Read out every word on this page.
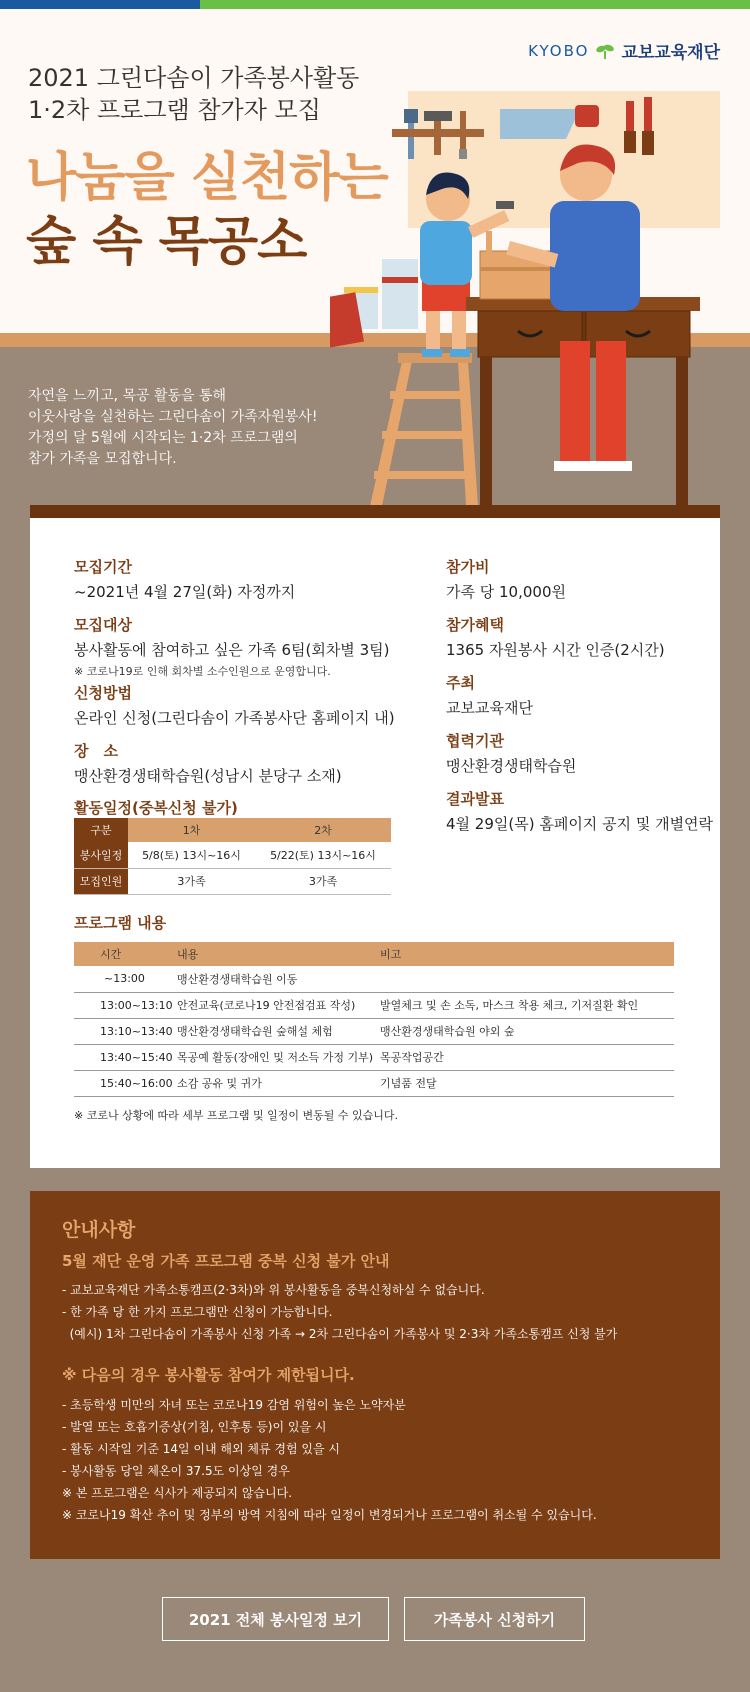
KYOBO 교보교육재단
2021 그린다솜이 가족봉사활동
1·2차 프로그램 참가자 모집
나눔을 실천하는
숲 속 목공소
자연을 느끼고, 목공 활동을 통해
이웃사랑을 실천하는 그린다솜이 가족자원봉사!
가정의 달 5월에 시작되는 1·2차 프로그램의
참가 가족을 모집합니다.
모집기간
~2021년 4월 27일(화) 자정까지
모집대상
봉사활동에 참여하고 싶은 가족 6팀(회차별 3팀)
※ 코로나19로 인해 회차별 소수인원으로 운영합니다.
신청방법
온라인 신청(그린다솜이 가족봉사단 홈페이지 내)
장　소
맹산환경생태학습원(성남시 분당구 소재)
참가비
가족 당 10,000원
참가혜택
1365 자원봉사 시간 인증(2시간)
주최
교보교육재단
협력기관
맹산환경생태학습원
결과발표
4월 29일(목) 홈페이지 공지 및 개별연락
활동일정(중복신청 불가)
구분	1차	2차
봉사일정	5/8(토) 13시~16시	5/22(토) 13시~16시
모집인원	3가족	3가족
프로그램 내용
시간	내용	비고
~13:00	맹산환경생태학습원 이동	
13:00~13:10	안전교육(코로나19 안전점검표 작성)	발열체크 및 손 소독, 마스크 착용 체크, 기저질환 확인
13:10~13:40	맹산환경생태학습원 숲해설 체험	맹산환경생태학습원 야외 숲
13:40~15:40	목공예 활동(장애인 및 저소득 가정 기부)	목공작업공간
15:40~16:00	소감 공유 및 귀가	기념품 전달
※ 코로나 상황에 따라 세부 프로그램 및 일정이 변동될 수 있습니다.
안내사항
5월 재단 운영 가족 프로그램 중복 신청 불가 안내
- 교보교육재단 가족소통캠프(2·3차)와 위 봉사활동을 중복신청하실 수 없습니다.
- 한 가족 당 한 가지 프로그램만 신청이 가능합니다.
(예시) 1차 그린다솜이 가족봉사 신청 가족 → 2차 그린다솜이 가족봉사 및 2·3차 가족소통캠프 신청 불가
※ 다음의 경우 봉사활동 참여가 제한됩니다.
- 초등학생 미만의 자녀 또는 코로나19 감염 위험이 높은 노약자분
- 발열 또는 호흡기증상(기침, 인후통 등)이 있을 시
- 활동 시작일 기준 14일 이내 해외 체류 경험 있을 시
- 봉사활동 당일 체온이 37.5도 이상일 경우
※ 본 프로그램은 식사가 제공되지 않습니다.
※ 코로나19 확산 추이 및 정부의 방역 지침에 따라 일정이 변경되거나 프로그램이 취소될 수 있습니다.
2021 전체 봉사일정 보기	가족봉사 신청하기
